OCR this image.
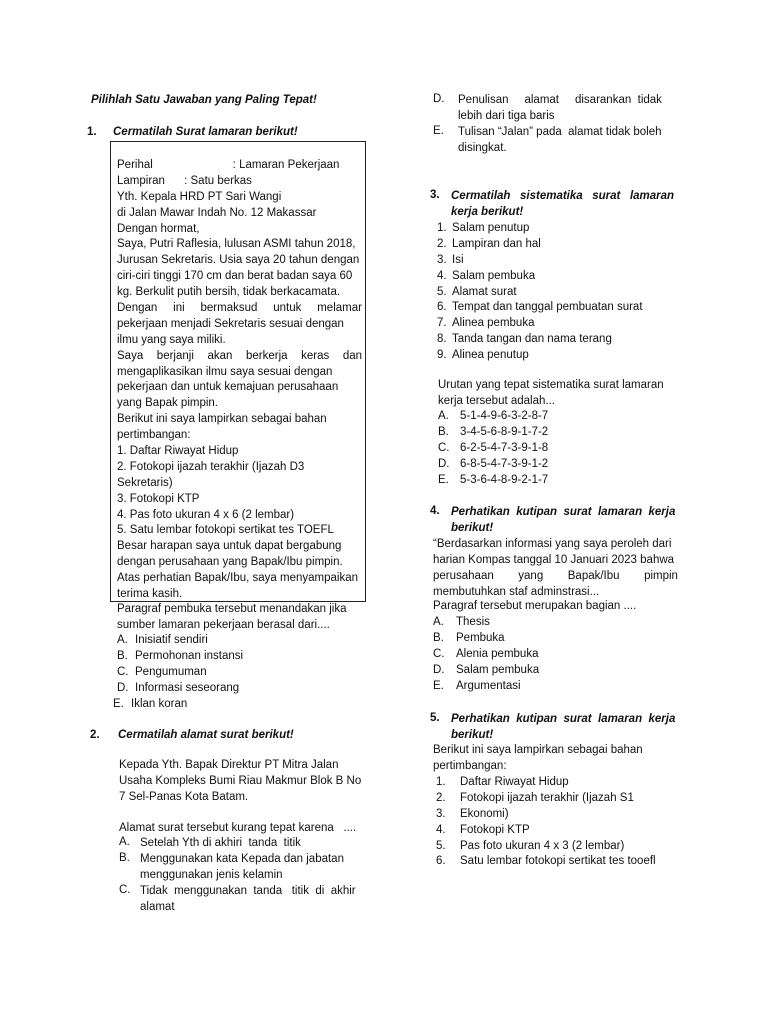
Pilihlah Satu Jawaban yang Paling Tepat!
1. Cermatilah Surat lamaran berikut!
Perihal                         : Lamaran Pekerjaan
Lampiran      : Satu berkas
Yth. Kepala HRD PT Sari Wangi
di Jalan Mawar Indah No. 12 Makassar
Dengan hormat,
Saya, Putri Raflesia, lulusan ASMI tahun 2018,
Jurusan Sekretaris. Usia saya 20 tahun dengan
ciri-ciri tinggi 170 cm dan berat badan saya 60
kg. Berkulit putih bersih, tidak berkacamata.
Dengan ini bermaksud untuk melamar
pekerjaan menjadi Sekretaris sesuai dengan
ilmu yang saya miliki.
Saya berjanji akan berkerja keras dan
mengaplikasikan ilmu saya sesuai dengan
pekerjaan dan untuk kemajuan perusahaan
yang Bapak pimpin.
Berikut ini saya lampirkan sebagai bahan
pertimbangan:
1. Daftar Riwayat Hidup
2. Fotokopi ijazah terakhir (Ijazah D3
Sekretaris)
3. Fotokopi KTP
4. Pas foto ukuran 4 x 6 (2 lembar)
5. Satu lembar fotokopi sertikat tes TOEFL
Besar harapan saya untuk dapat bergabung
dengan perusahaan yang Bapak/Ibu pimpin.
Atas perhatian Bapak/Ibu, saya menyampaikan
terima kasih.
Paragraf pembuka tersebut menandakan jika
sumber lamaran pekerjaan berasal dari....
A. Inisiatif sendiri
B. Permohonan instansi
C. Pengumuman
D. Informasi seseorang
E. Iklan koran
2. Cermatilah alamat surat berikut!
Kepada Yth. Bapak Direktur PT Mitra Jalan
Usaha Kompleks Bumi Riau Makmur Blok B No
7 Sel-Panas Kota Batam.
Alamat surat tersebut kurang tepat karena   ....
A. Setelah Yth di akhiri  tanda  titik
B. Menggunakan kata Kepada dan jabatan
menggunakan jenis kelamin
C. Tidak  menggunakan  tanda   titik  di  akhir
alamat
D.	Penulisan     alamat     disarankan  tidak
lebih dari tiga baris
E.	Tulisan “Jalan” pada  alamat tidak boleh
disingkat.
3. Cermatilah   sistematika   surat   lamaran
kerja berikut!
1. Salam penutup
2. Lampiran dan hal
3. Isi
4. Salam pembuka
5. Alamat surat
6. Tempat dan tanggal pembuatan surat
7. Alinea pembuka
8. Tanda tangan dan nama terang
9. Alinea penutup
Urutan yang tepat sistematika surat lamaran
kerja tersebut adalah...
A. 5-1-4-9-6-3-2-8-7
B. 3-4-5-6-8-9-1-7-2
C. 6-2-5-4-7-3-9-1-8
D. 6-8-5-4-7-3-9-1-2
E. 5-3-6-4-8-9-2-1-7
4. Perhatikan  kutipan  surat  lamaran  kerja
berikut!
“Berdasarkan informasi yang saya peroleh dari
harian Kompas tanggal 10 Januari 2023 bahwa
perusahaan yang Bapak/Ibu pimpin
membutuhkan staf adminstrasi...
Paragraf tersebut merupakan bagian ....
A. Thesis
B. Pembuka
C. Alenia pembuka
D. Salam pembuka
E. Argumentasi
5. Perhatikan  kutipan  surat  lamaran  kerja
berikut!
Berikut ini saya lampirkan sebagai bahan
pertimbangan:
1. Daftar Riwayat Hidup
2. Fotokopi ijazah terakhir (Ijazah S1
3. Ekonomi)
4. Fotokopi KTP
5. Pas foto ukuran 4 x 3 (2 lembar)
6. Satu lembar fotokopi sertikat tes tooefl
